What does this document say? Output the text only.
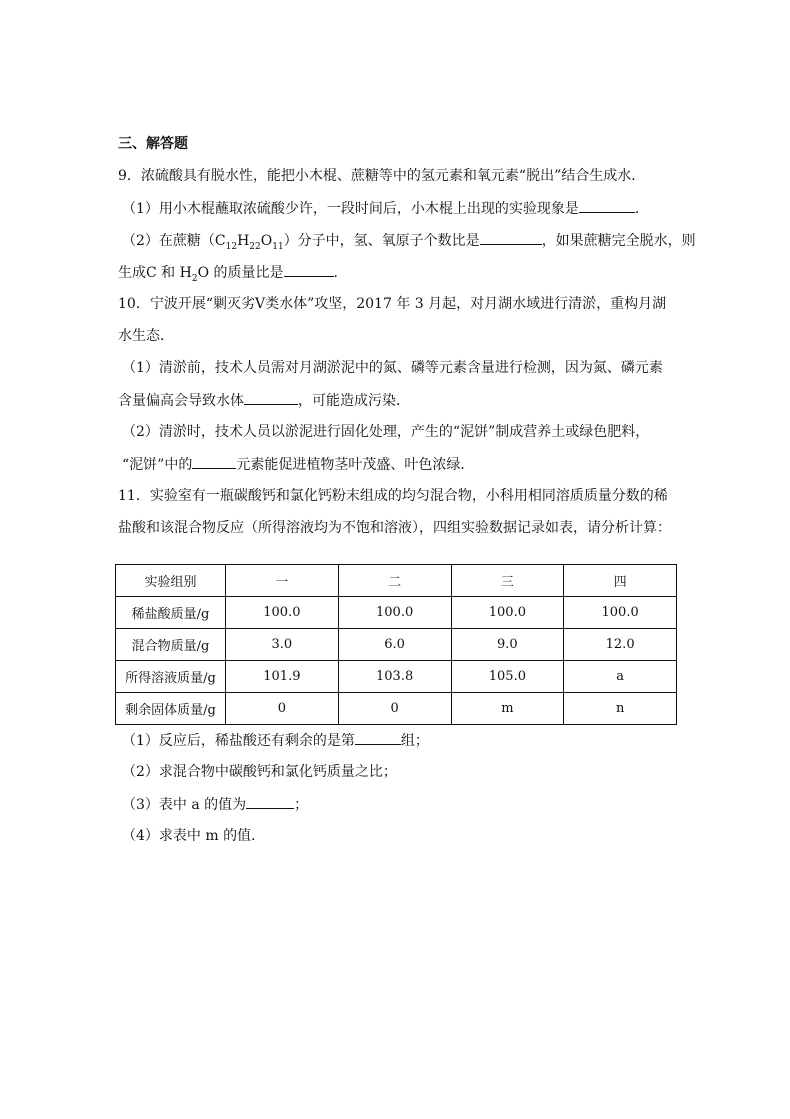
三、解答题
9．浓硫酸具有脱水性，能把小木棍、蔗糖等中的氢元素和氧元素“脱出”结合生成水．
（1）用小木棍蘸取浓硫酸少许，一段时间后，小木棍上出现的实验现象是	．
（2）在蔗糖$(C_{12}H_{22}O_{11})$分子中，氢、氧原子个数比是	，如果蔗糖完全脱水，则
生成C 和 $H_2O$ 的质量比是	．
10．宁波开展“剿灭劣Ⅴ类水体”攻坚，2017 年 3 月起，对月湖水域进行清淤，重构月湖
水生态．
（1）清淤前，技术人员需对月湖淤泥中的氮、磷等元素含量进行检测，因为氮、磷元素
含量偏高会导致水体	，可能造成污染．
（2）清淤时，技术人员以淤泥进行固化处理，产生的“泥饼”制成营养土或绿色肥料，
“泥饼”中的	元素能促进植物茎叶茂盛、叶色浓绿．
11．实验室有一瓶碳酸钙和氯化钙粉末组成的均匀混合物，小科用相同溶质质量分数的稀
盐酸和该混合物反应（所得溶液均为不饱和溶液），四组实验数据记录如表，请分析计算：
实验组别	一	二	三	四
稀盐酸质量/g	100.0	100.0	100.0	100.0
混合物质量/g	3.0	6.0	9.0	12.0
所得溶液质量/g	101.9	103.8	105.0	a
剩余固体质量/g	0	0	m	n
（1）反应后，稀盐酸还有剩余的是第	组；
（2）求混合物中碳酸钙和氯化钙质量之比；
（3）表中 a 的值为	；
（4）求表中 m 的值．
